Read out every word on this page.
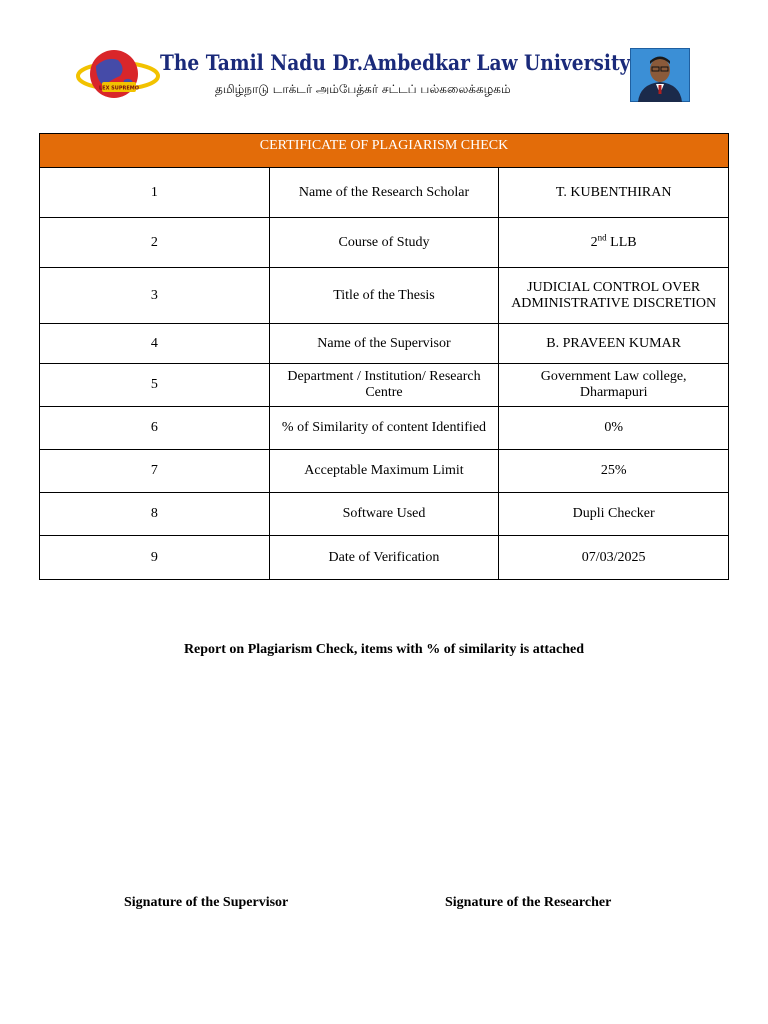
LEX SUPREMO
The Tamil Nadu Dr.Ambedkar Law University
தமிழ்நாடு டாக்டர் அம்பேத்கர் சட்டப் பல்கலைக்கழகம்
CERTIFICATE OF PLAGIARISM CHECK		
1	Name of the Research Scholar	T. KUBENTHIRAN
2	Course of Study	2nd LLB
3	Title of the Thesis	JUDICIAL CONTROL OVER
ADMINISTRATIVE DISCRETION

4	Name of the Supervisor	B. PRAVEEN KUMAR
5	Department / Institution/ Research Centre	Government Law college, Dharmapuri
6	% of Similarity of content Identified	0%
7	Acceptable Maximum Limit	25%
8	Software Used	Dupli Checker
9	Date of Verification	07/03/2025
Report on Plagiarism Check, items with % of similarity is attached
Signature of the Supervisor	Signature of the Researcher
